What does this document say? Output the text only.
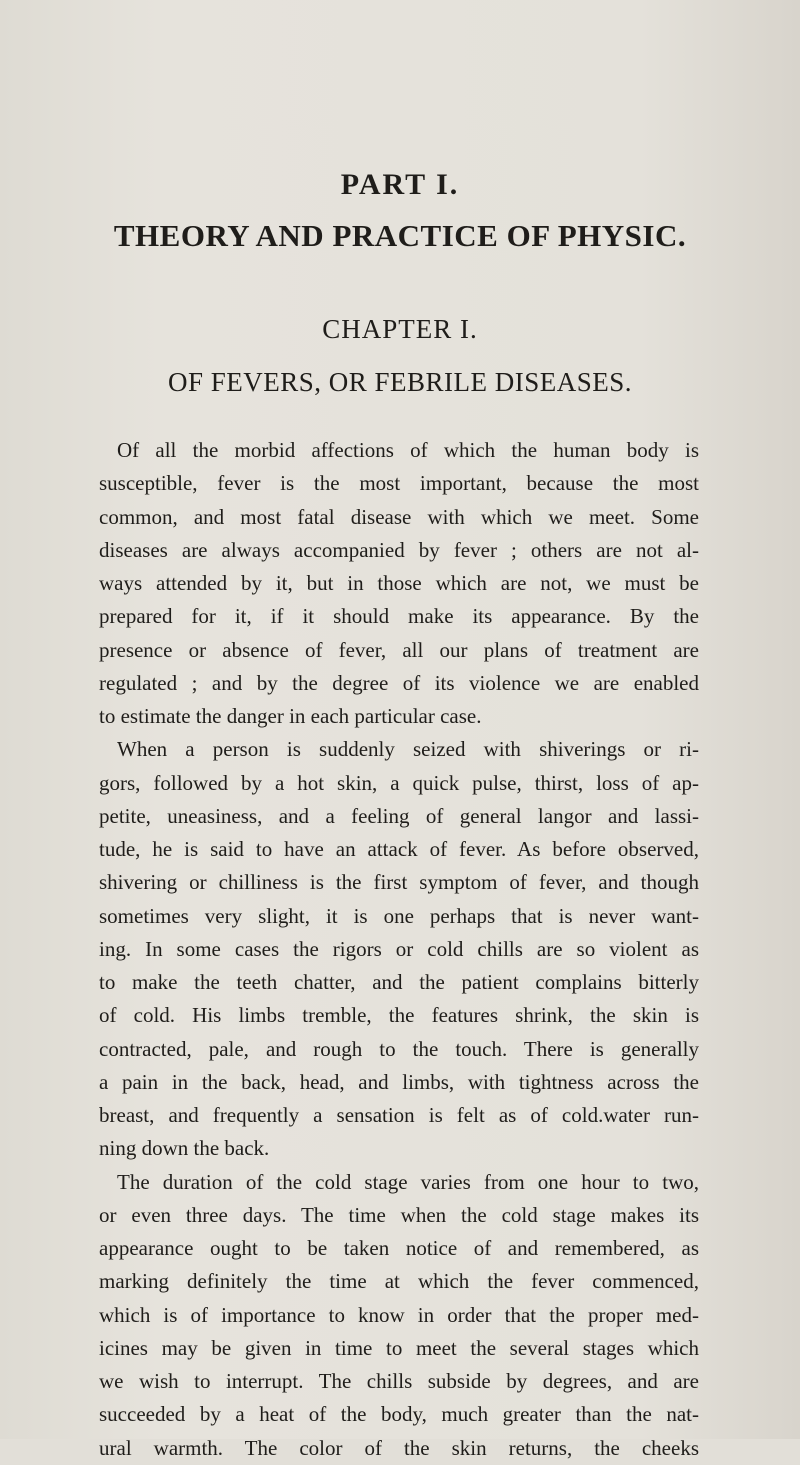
PART I.
THEORY AND PRACTICE OF PHYSIC.
CHAPTER I.
OF FEVERS, OR FEBRILE DISEASES.
Of all the morbid affections of which the human body is
susceptible, fever is the most important, because the most
common, and most fatal disease with which we meet. Some
diseases are always accompanied by fever ; others are not al-
ways attended by it, but in those which are not, we must be
prepared for it, if it should make its appearance. By the
presence or absence of fever, all our plans of treatment are
regulated ; and by the degree of its violence we are enabled
to estimate the danger in each particular case.
When a person is suddenly seized with shiverings or ri-
gors, followed by a hot skin, a quick pulse, thirst, loss of ap-
petite, uneasiness, and a feeling of general langor and lassi-
tude, he is said to have an attack of fever. As before observed,
shivering or chilliness is the first symptom of fever, and though
sometimes very slight, it is one perhaps that is never want-
ing. In some cases the rigors or cold chills are so violent as
to make the teeth chatter, and the patient complains bitterly
of cold. His limbs tremble, the features shrink, the skin is
contracted, pale, and rough to the touch. There is generally
a pain in the back, head, and limbs, with tightness across the
breast, and frequently a sensation is felt as of cold.water run-
ning down the back.
The duration of the cold stage varies from one hour to two,
or even three days. The time when the cold stage makes its
appearance ought to be taken notice of and remembered, as
marking definitely the time at which the fever commenced,
which is of importance to know in order that the proper med-
icines may be given in time to meet the several stages which
we wish to interrupt. The chills subside by degrees, and are
succeeded by a heat of the body, much greater than the nat-
ural warmth. The color of the skin returns, the cheeks
